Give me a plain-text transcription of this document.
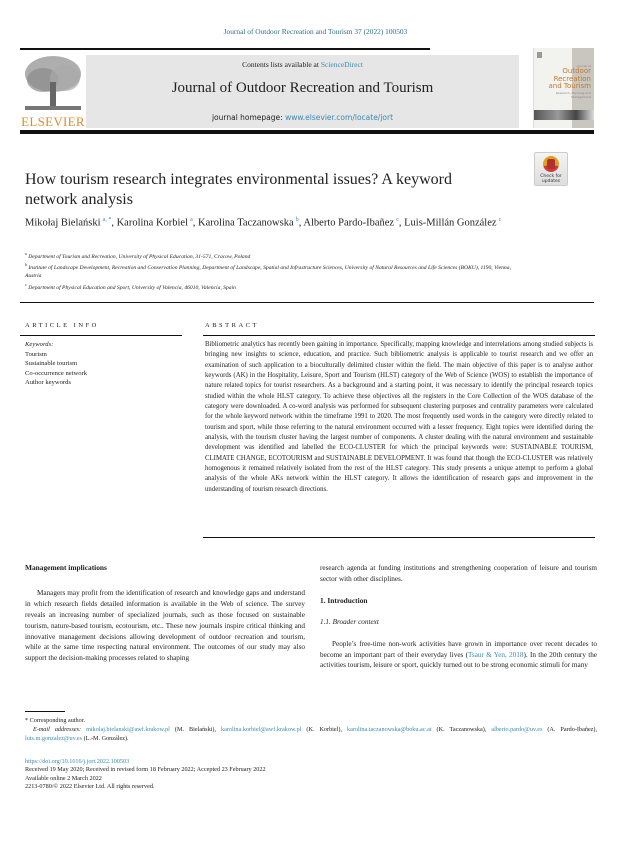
Journal of Outdoor Recreation and Tourism 37 (2022) 100503
ELSEVIER
Contents lists available at ScienceDirect
Journal of Outdoor Recreation and Tourism
journal homepage: www.elsevier.com/locate/jort
Journal of
Outdoor
Recreation
and Tourism
Research, Planning and Management
Check for updates
How tourism research integrates environmental issues? A keyword network analysis
Mikołaj Bielański  $^{a, *}$, Karolina Korbiel  $^a$, Karolina Taczanowska  $^b$, Alberto Pardo-Ibañez  $^c$, Luis-Millán González  $^c$
$^a$ Department of Tourism and Recreation, University of Physical Education, 31-571, Cracow, Poland
$^b$ Institute of Landscape Development, Recreation and Conservation Planning, Department of Landscape, Spatial and Infrastructure Sciences, University of Natural Resources and Life Sciences (BOKU), 1190, Vienna, Austria
$^c$ Department of Physical Education and Sport, University of Valencia, 46010, Valencia, Spain
ARTICLE INFO	ABSTRACT
Keywords:
Tourism
Sustainable tourism
Co-occurrence network
Author keywords
Bibliometric analytics has recently been gaining in importance. Specifically, mapping knowledge and interrelations among studied subjects is bringing new insights to science, education, and practice. Such bibliometric analysis is applicable to tourist research and we offer an examination of such application to a bioculturally delimited cluster within the field. The main objective of this paper is to analyse author keywords (AK) in the Hospitality, Leisure, Sport and Tourism (HLST) category of the Web of Science (WOS) to establish the importance of nature related topics for tourist researchers. As a background and a starting point, it was necessary to identify the principal research topics studied within the whole HLST category. To achieve these objectives all the registers in the Core Collection of the WOS database of the category were downloaded. A co-word analysis was performed for subsequent clustering purposes and centrality parameters were calculated for the whole keyword network within the timeframe 1991 to 2020. The most frequently used words in the category were directly related to tourism and sport, while those referring to the natural environment occurred with a lesser frequency. Eight topics were identified during the analysis, with the tourism cluster having the largest number of components. A cluster dealing with the natural environment and sustainable development was identified and labelled the ECO-CLUSTER for which the principal keywords were: SUSTAINABLE TOURISM, CLIMATE CHANGE, ECOTOURISM and SUSTAINABLE DEVELOPMENT. It was found that though the ECO-CLUSTER was relatively homogenous it remained relatively isolated from the rest of the HLST category. This study presents a unique attempt to perform a global analysis of the whole AKs network within the HLST category. It allows the identification of research gaps and improvement in the understanding of tourism research directions.
Management implications

Managers may profit from the identification of research and knowledge gaps and understand in which research fields detailed information is available in the Web of science. The survey reveals an increasing number of specialized journals, such as those focused on sustainable tourism, nature-based tourism, ecotourism, etc.. These new journals inspire critical thinking and innovative management decisions allowing development of outdoor recreation and tourism, while at the same time respecting natural environment. The outcomes of our study may also support the decision-making processes related to shaping

research agenda at funding institutions and strengthening cooperation of leisure and tourism sector with other disciplines.

1. Introduction
1.1. Broader context

People’s free-time non-work activities have grown in importance over recent decades to become an important part of their everyday lives (Tsaur & Yen, 2018). In the 20th century the activities tourism, leisure or sport, quickly turned out to be strong economic stimuli for many

* Corresponding author.
E-mail addresses: mikolaj.bielanski@awf.krakow.pl (M. Bielański), karolina.korbiel@awf.krakow.pl (K. Korbiel), karolina.taczanowska@boku.ac.at (K. Taczanowska), alberto.pardo@uv.es (A. Pardo-Ibañez), luis.m.gonzalez@uv.es (L.-M. González).
https://doi.org/10.1016/j.jort.2022.100503
Received 19 May 2020; Received in revised form 18 February 2022; Accepted 23 February 2022
Available online 2 March 2022
2213-0780/© 2022 Elsevier Ltd. All rights reserved.
